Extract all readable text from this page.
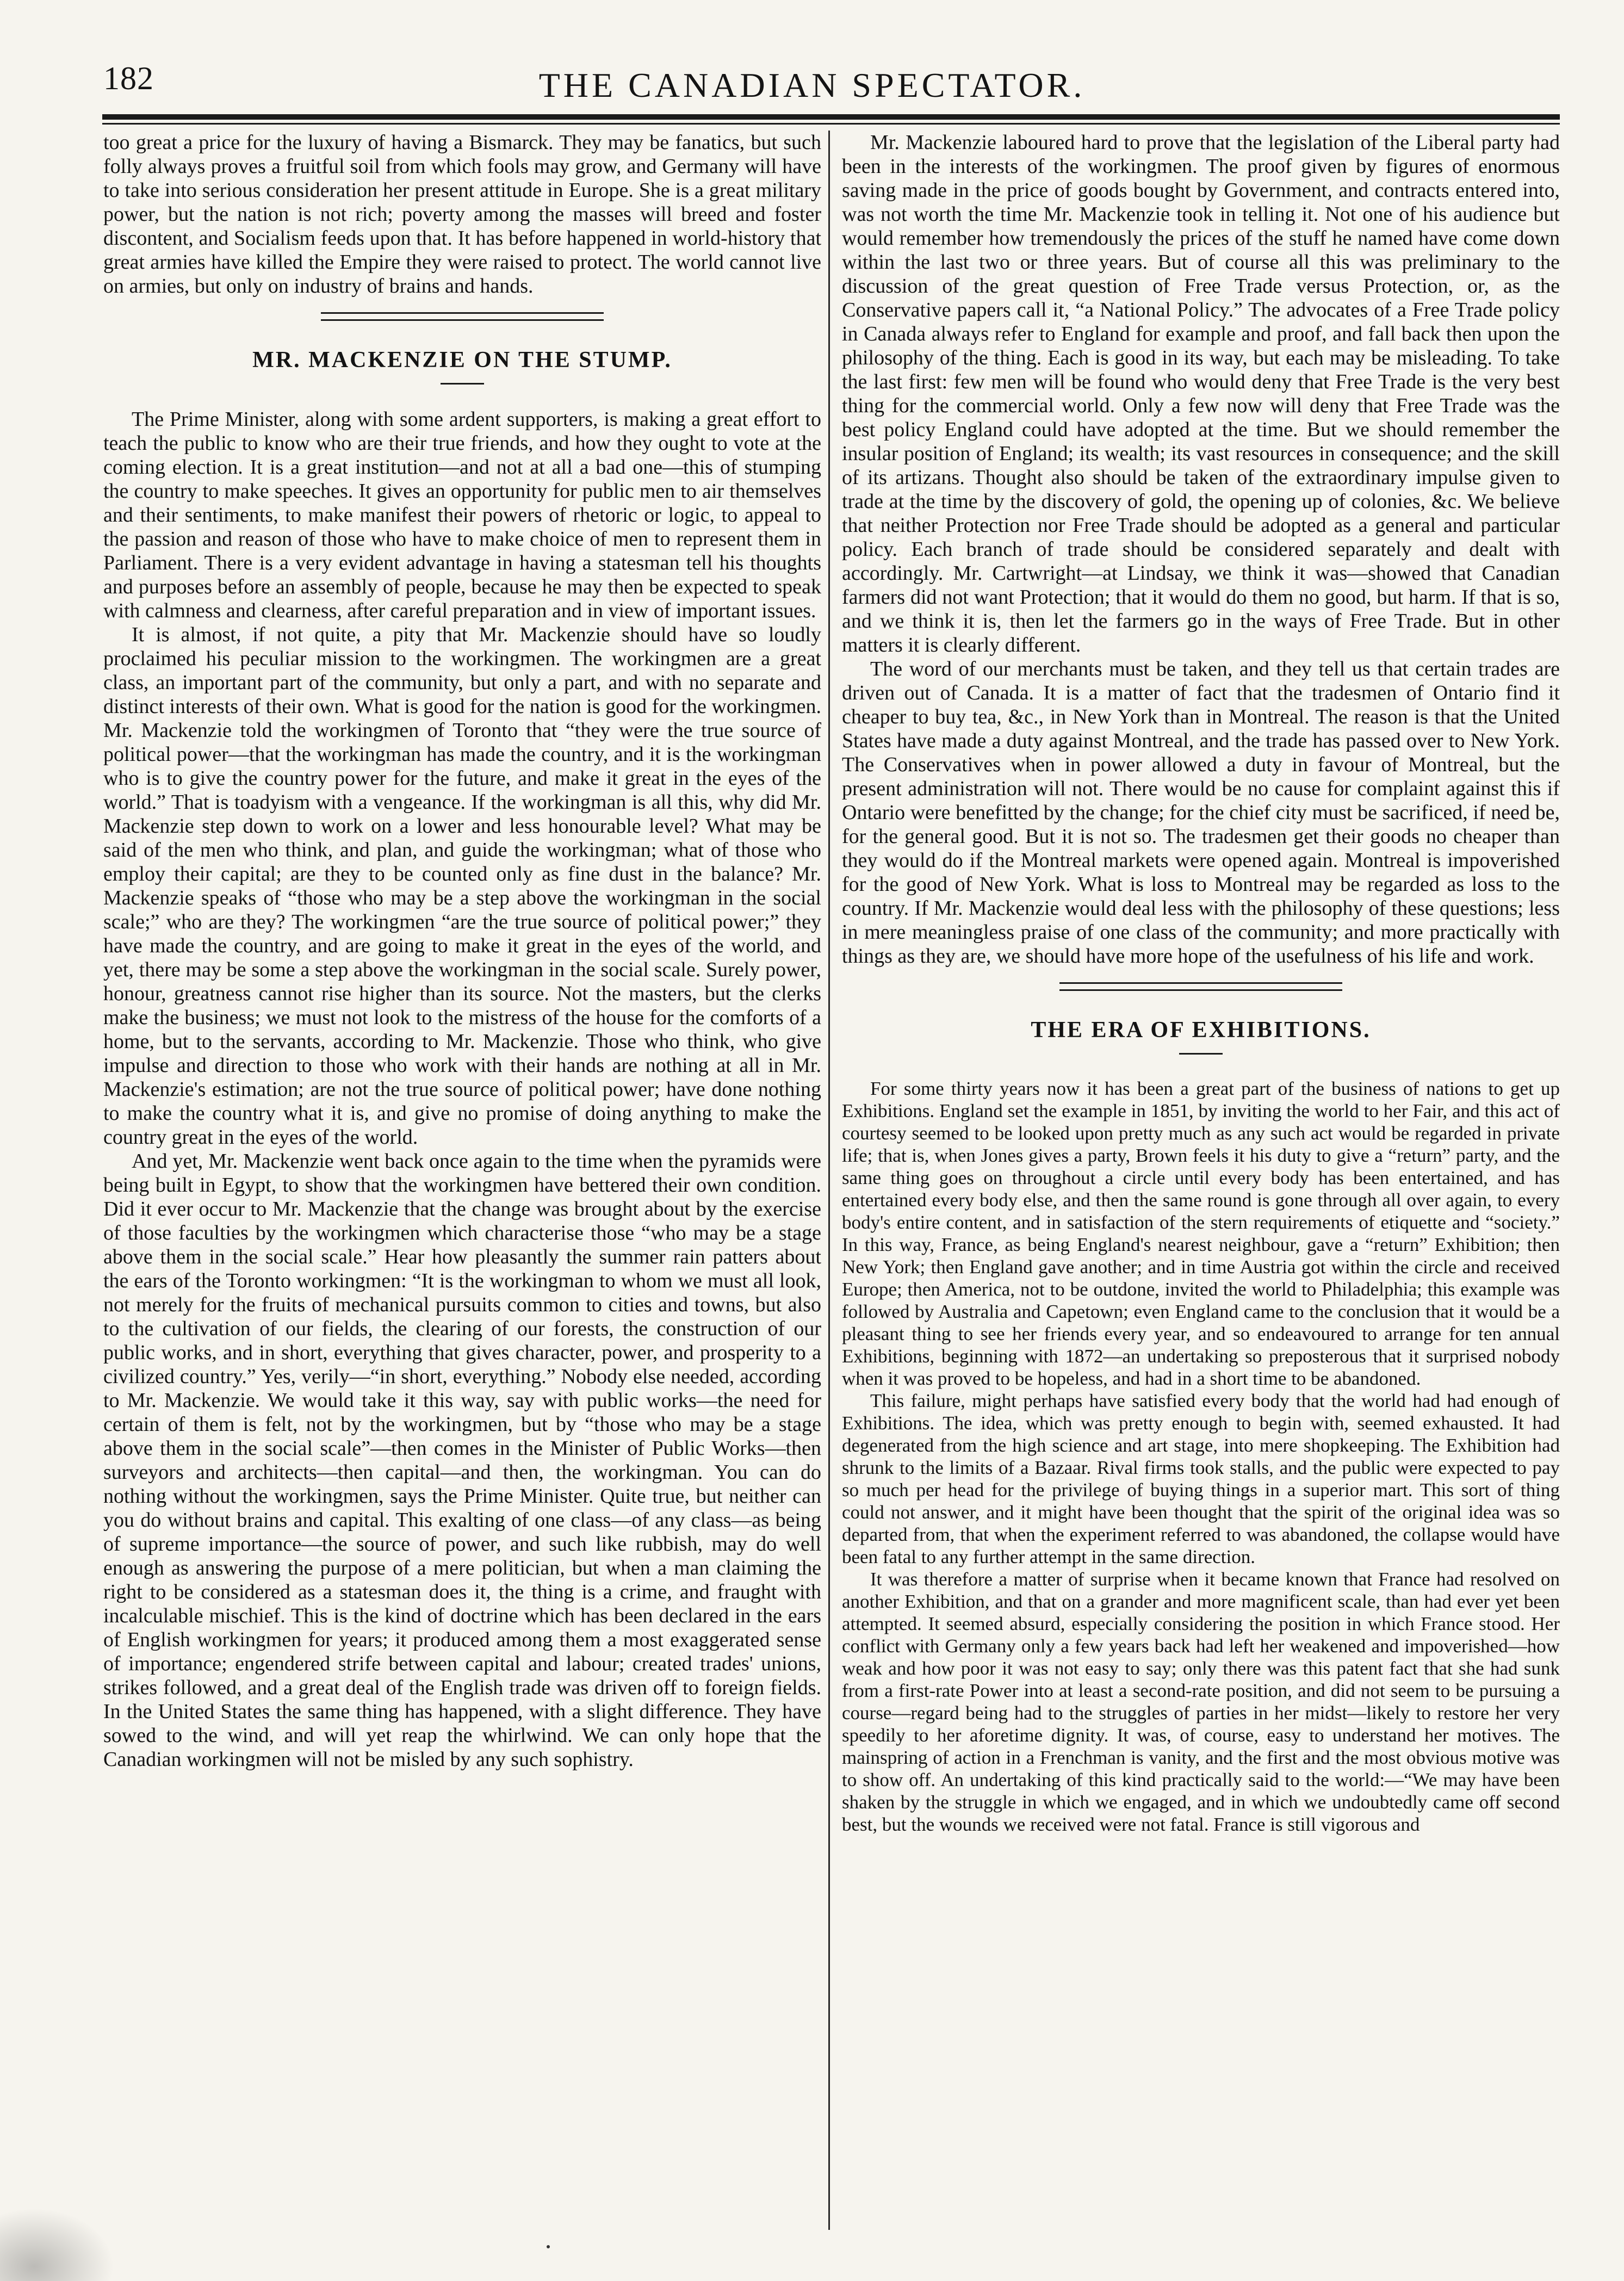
182	THE CANADIAN SPECTATOR.

too great a price for the luxury of having a Bismarck. They may be fanatics, but such folly always proves a fruitful soil from which fools may grow, and Germany will have to take into serious consideration her present attitude in Europe. She is a great military power, but the nation is not rich; poverty among the masses will breed and foster discontent, and Socialism feeds upon that. It has before happened in world-history that great armies have killed the Empire they were raised to protect. The world cannot live on armies, but only on industry of brains and hands.

MR. MACKENZIE ON THE STUMP.

The Prime Minister, along with some ardent supporters, is making a great effort to teach the public to know who are their true friends, and how they ought to vote at the coming election. It is a great institution—and not at all a bad one—this of stumping the country to make speeches. It gives an opportunity for public men to air themselves and their sentiments, to make manifest their powers of rhetoric or logic, to appeal to the passion and reason of those who have to make choice of men to represent them in Parliament. There is a very evident advantage in having a statesman tell his thoughts and purposes before an assembly of people, because he may then be expected to speak with calmness and clearness, after careful preparation and in view of important issues.

It is almost, if not quite, a pity that Mr. Mackenzie should have so loudly proclaimed his peculiar mission to the workingmen. The workingmen are a great class, an important part of the community, but only a part, and with no separate and distinct interests of their own. What is good for the nation is good for the workingmen. Mr. Mackenzie told the workingmen of Toronto that “they were the true source of political power—that the workingman has made the country, and it is the workingman who is to give the country power for the future, and make it great in the eyes of the world.” That is toadyism with a vengeance. If the workingman is all this, why did Mr. Mackenzie step down to work on a lower and less honourable level? What may be said of the men who think, and plan, and guide the workingman; what of those who employ their capital; are they to be counted only as fine dust in the balance? Mr. Mackenzie speaks of “those who may be a step above the workingman in the social scale;” who are they? The workingmen “are the true source of political power;” they have made the country, and are going to make it great in the eyes of the world, and yet, there may be some a step above the workingman in the social scale. Surely power, honour, greatness cannot rise higher than its source. Not the masters, but the clerks make the business; we must not look to the mistress of the house for the comforts of a home, but to the servants, according to Mr. Mackenzie. Those who think, who give impulse and direction to those who work with their hands are nothing at all in Mr. Mackenzie's estimation; are not the true source of political power; have done nothing to make the country what it is, and give no promise of doing anything to make the country great in the eyes of the world.

And yet, Mr. Mackenzie went back once again to the time when the pyramids were being built in Egypt, to show that the workingmen have bettered their own condition. Did it ever occur to Mr. Mackenzie that the change was brought about by the exercise of those faculties by the workingmen which characterise those “who may be a stage above them in the social scale.” Hear how pleasantly the summer rain patters about the ears of the Toronto workingmen: “It is the workingman to whom we must all look, not merely for the fruits of mechanical pursuits common to cities and towns, but also to the cultivation of our fields, the clearing of our forests, the construction of our public works, and in short, everything that gives character, power, and prosperity to a civilized country.” Yes, verily—“in short, everything.” Nobody else needed, according to Mr. Mackenzie. We would take it this way, say with public works—the need for certain of them is felt, not by the workingmen, but by “those who may be a stage above them in the social scale”—then comes in the Minister of Public Works—then surveyors and architects—then capital—and then, the workingman. You can do nothing without the workingmen, says the Prime Minister. Quite true, but neither can you do without brains and capital. This exalting of one class—of any class—as being of supreme importance—the source of power, and such like rubbish, may do well enough as answering the purpose of a mere politician, but when a man claiming the right to be considered as a statesman does it, the thing is a crime, and fraught with incalculable mischief. This is the kind of doctrine which has been declared in the ears of English workingmen for years; it produced among them a most exaggerated sense of importance; engendered strife between capital and labour; created trades' unions, strikes followed, and a great deal of the English trade was driven off to foreign fields. In the United States the same thing has happened, with a slight difference. They have sowed to the wind, and will yet reap the whirlwind. We can only hope that the Canadian workingmen will not be misled by any such sophistry.

Mr. Mackenzie laboured hard to prove that the legislation of the Liberal party had been in the interests of the workingmen. The proof given by figures of enormous saving made in the price of goods bought by Government, and contracts entered into, was not worth the time Mr. Mackenzie took in telling it. Not one of his audience but would remember how tremendously the prices of the stuff he named have come down within the last two or three years. But of course all this was preliminary to the discussion of the great question of Free Trade versus Protection, or, as the Conservative papers call it, “a National Policy.” The advocates of a Free Trade policy in Canada always refer to England for example and proof, and fall back then upon the philosophy of the thing. Each is good in its way, but each may be misleading. To take the last first: few men will be found who would deny that Free Trade is the very best thing for the commercial world. Only a few now will deny that Free Trade was the best policy England could have adopted at the time. But we should remember the insular position of England; its wealth; its vast resources in consequence; and the skill of its artizans. Thought also should be taken of the extraordinary impulse given to trade at the time by the discovery of gold, the opening up of colonies, &c. We believe that neither Protection nor Free Trade should be adopted as a general and particular policy. Each branch of trade should be considered separately and dealt with accordingly. Mr. Cartwright—at Lindsay, we think it was—showed that Canadian farmers did not want Protection; that it would do them no good, but harm. If that is so, and we think it is, then let the farmers go in the ways of Free Trade. But in other matters it is clearly different.

The word of our merchants must be taken, and they tell us that certain trades are driven out of Canada. It is a matter of fact that the tradesmen of Ontario find it cheaper to buy tea, &c., in New York than in Montreal. The reason is that the United States have made a duty against Montreal, and the trade has passed over to New York. The Conservatives when in power allowed a duty in favour of Montreal, but the present administration will not. There would be no cause for complaint against this if Ontario were benefitted by the change; for the chief city must be sacrificed, if need be, for the general good. But it is not so. The tradesmen get their goods no cheaper than they would do if the Montreal markets were opened again. Montreal is impoverished for the good of New York. What is loss to Montreal may be regarded as loss to the country. If Mr. Mackenzie would deal less with the philosophy of these questions; less in mere meaningless praise of one class of the community; and more practically with things as they are, we should have more hope of the usefulness of his life and work.

THE ERA OF EXHIBITIONS.

For some thirty years now it has been a great part of the business of nations to get up Exhibitions. England set the example in 1851, by inviting the world to her Fair, and this act of courtesy seemed to be looked upon pretty much as any such act would be regarded in private life; that is, when Jones gives a party, Brown feels it his duty to give a “return” party, and the same thing goes on throughout a circle until every body has been entertained, and has entertained every body else, and then the same round is gone through all over again, to every body's entire content, and in satisfaction of the stern requirements of etiquette and “society.” In this way, France, as being England's nearest neighbour, gave a “return” Exhibition; then New York; then England gave another; and in time Austria got within the circle and received Europe; then America, not to be outdone, invited the world to Philadelphia; this example was followed by Australia and Capetown; even England came to the conclusion that it would be a pleasant thing to see her friends every year, and so endeavoured to arrange for ten annual Exhibitions, beginning with 1872—an undertaking so preposterous that it surprised nobody when it was proved to be hopeless, and had in a short time to be abandoned.

This failure, might perhaps have satisfied every body that the world had had enough of Exhibitions. The idea, which was pretty enough to begin with, seemed exhausted. It had degenerated from the high science and art stage, into mere shopkeeping. The Exhibition had shrunk to the limits of a Bazaar. Rival firms took stalls, and the public were expected to pay so much per head for the privilege of buying things in a superior mart. This sort of thing could not answer, and it might have been thought that the spirit of the original idea was so departed from, that when the experiment referred to was abandoned, the collapse would have been fatal to any further attempt in the same direction.

It was therefore a matter of surprise when it became known that France had resolved on another Exhibition, and that on a grander and more magnificent scale, than had ever yet been attempted. It seemed absurd, especially considering the position in which France stood. Her conflict with Germany only a few years back had left her weakened and impoverished—how weak and how poor it was not easy to say; only there was this patent fact that she had sunk from a first-rate Power into at least a second-rate position, and did not seem to be pursuing a course—regard being had to the struggles of parties in her midst—likely to restore her very speedily to her aforetime dignity. It was, of course, easy to understand her motives. The mainspring of action in a Frenchman is vanity, and the first and the most obvious motive was to show off. An undertaking of this kind practically said to the world:—“We may have been shaken by the struggle in which we engaged, and in which we undoubtedly came off second best, but the wounds we received were not fatal. France is still vigorous and
